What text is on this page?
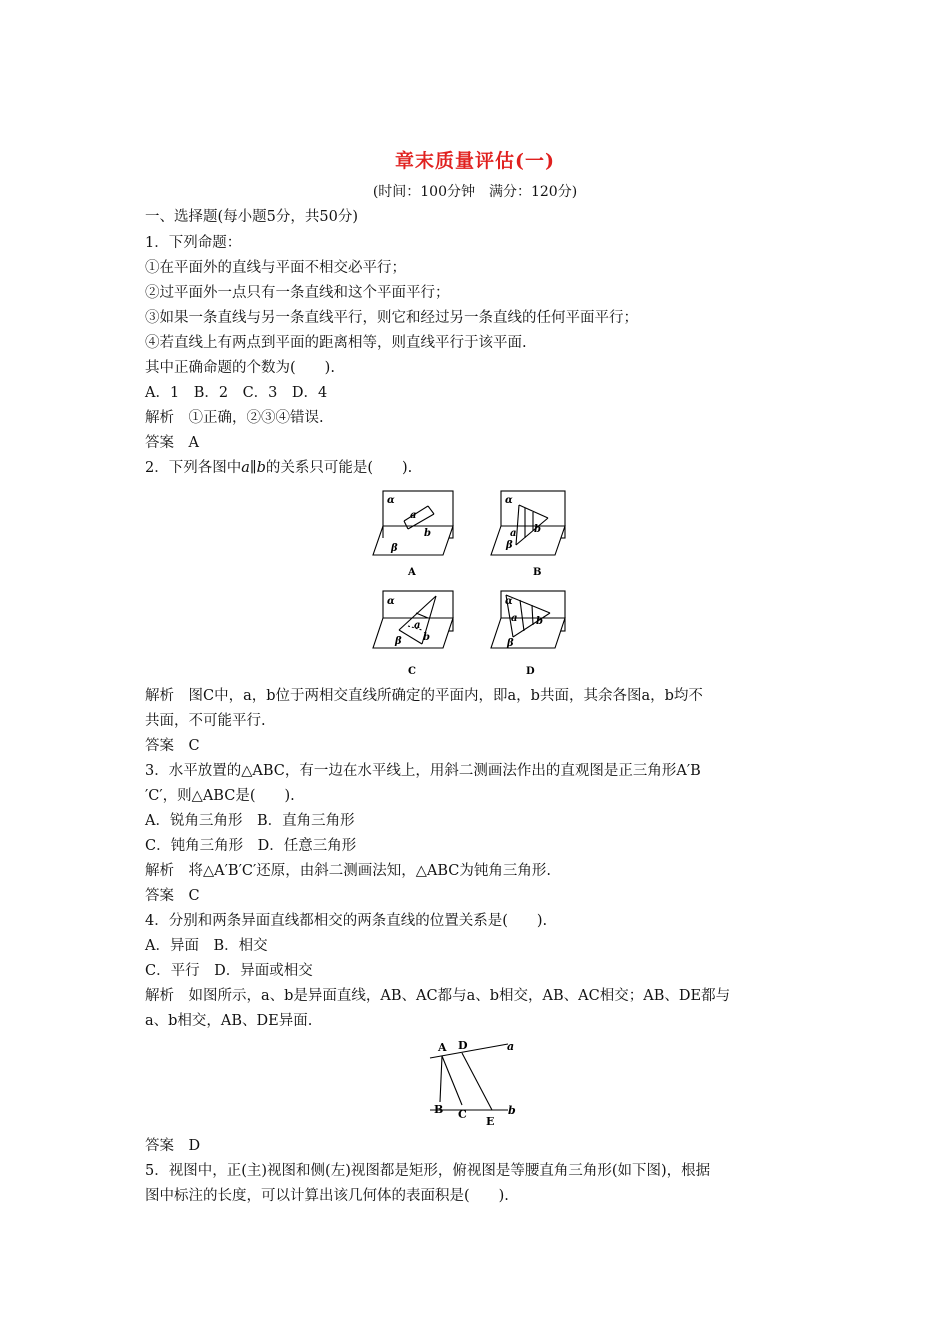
章末质量评估(一)
(时间：100分钟　满分：120分)
一、选择题(每小题5分，共50分)
1．下列命题：
①在平面外的直线与平面不相交必平行；
②过平面外一点只有一条直线和这个平面平行；
③如果一条直线与另一条直线平行，则它和经过另一条直线的任何平面平行；
④若直线上有两点到平面的距离相等，则直线平行于该平面.
其中正确命题的个数为(　　).
A．1　B．2　C．3　D．4
解析　①正确，②③④错误.
答案　A
2．下列各图中a∥b的关系只可能是(　　).
α
a
b
β
α
a b
β
α
a
b
β
α
a b
β
A	B
C	D
解析　图C中，a，b位于两相交直线所确定的平面内，即a，b共面，其余各图a，b均不
共面，不可能平行.
答案　C
3．水平放置的△ABC，有一边在水平线上，用斜二测画法作出的直观图是正三角形A′B
′C′，则△ABC是(　　).
A．锐角三角形　B．直角三角形
C．钝角三角形　D．任意三角形
解析　将△A′B′C′还原，由斜二测画法知，△ABC为钝角三角形.
答案　C
4．分别和两条异面直线都相交的两条直线的位置关系是(　　).
A．异面　B．相交
C．平行　D．异面或相交
解析　如图所示，a、b是异面直线，AB、AC都与a、b相交，AB、AC相交；AB、DE都与
a、b相交，AB、DE异面.
A D	a
B C
E
b
答案　D
5．视图中，正(主)视图和侧(左)视图都是矩形，俯视图是等腰直角三角形(如下图)，根据
图中标注的长度，可以计算出该几何体的表面积是(　　).
